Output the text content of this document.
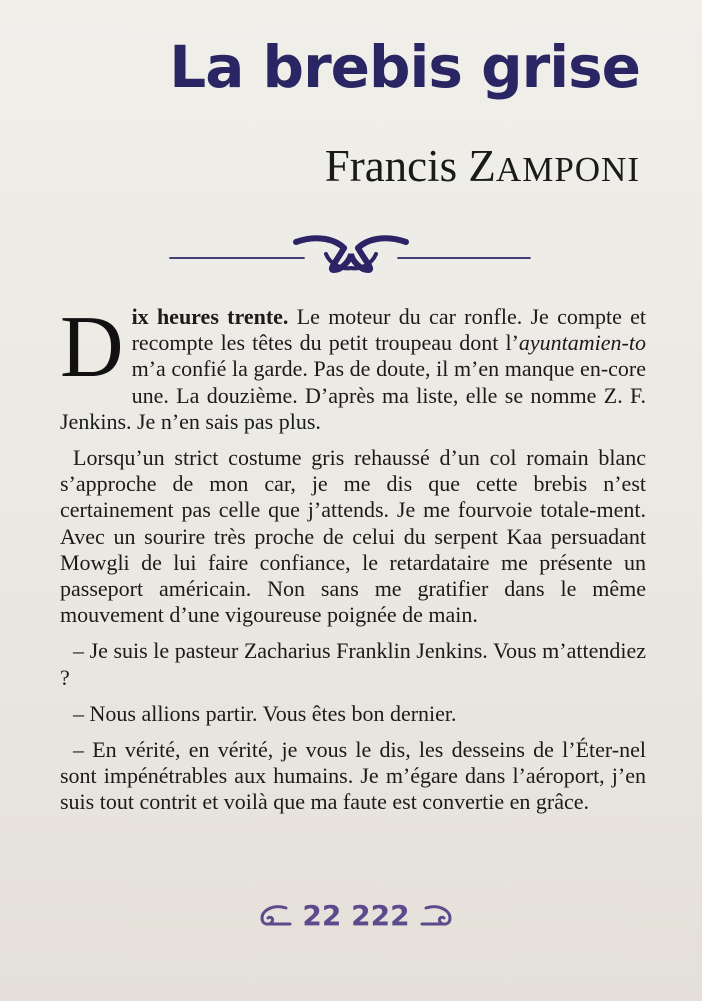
La brebis grise
Francis ZAMPONI

Dix heures trente. Le moteur du car ronfle. Je compte et recompte les têtes du petit troupeau dont l’ayuntamien-to m’a confié la garde. Pas de doute, il m’en manque en-core une. La douzième. D’après ma liste, elle se nomme Z. F. Jenkins. Je n’en sais pas plus.

Lorsqu’un strict costume gris rehaussé d’un col romain blanc s’approche de mon car, je me dis que cette brebis n’est certainement pas celle que j’attends. Je me fourvoie totale-ment. Avec un sourire très proche de celui du serpent Kaa persuadant Mowgli de lui faire confiance, le retardataire me présente un passeport américain. Non sans me gratifier dans le même mouvement d’une vigoureuse poignée de main.

– Je suis le pasteur Zacharius Franklin Jenkins. Vous m’attendiez ?

– Nous allions partir. Vous êtes bon dernier.

– En vérité, en vérité, je vous le dis, les desseins de l’Éter-nel sont impénétrables aux humains. Je m’égare dans l’aéroport, j’en suis tout contrit et voilà que ma faute est convertie en grâce.

22 222
